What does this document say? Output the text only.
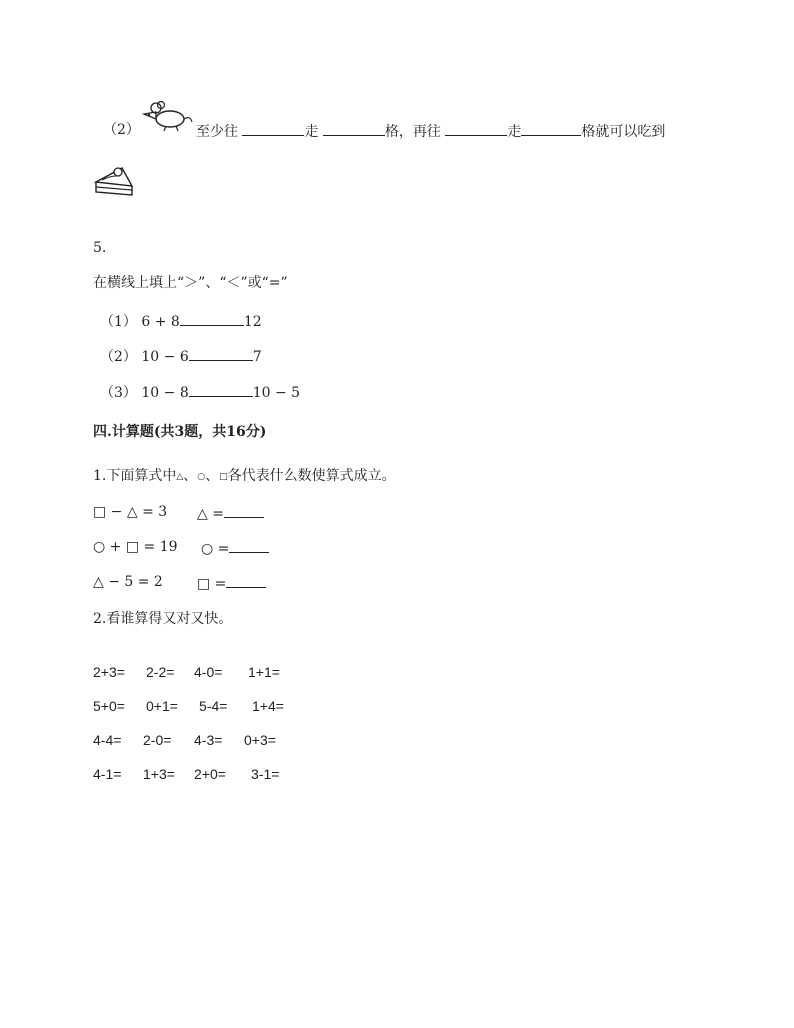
（2）	至少往	走	格，再往	走	格就可以吃到
5.
在横线上填上“＞”、“＜”或“=”
（1） 6 + 8	12
（2） 10 − 6	7
（3） 10 − 8	10 − 5
四.计算题(共3题，共16分)
1.下面算式中△、○、□各代表什么数使算式成立。
□ − △ = 3 △ =
○ + □ = 19 ○ =
△ − 5 = 2 □ =
2.看谁算得又对又快。
2+3= 2-2= 4-0= 1+1=
5+0= 0+1= 5-4= 1+4=
4-4= 2-0= 4-3= 0+3=
4-1= 1+3= 2+0= 3-1=
